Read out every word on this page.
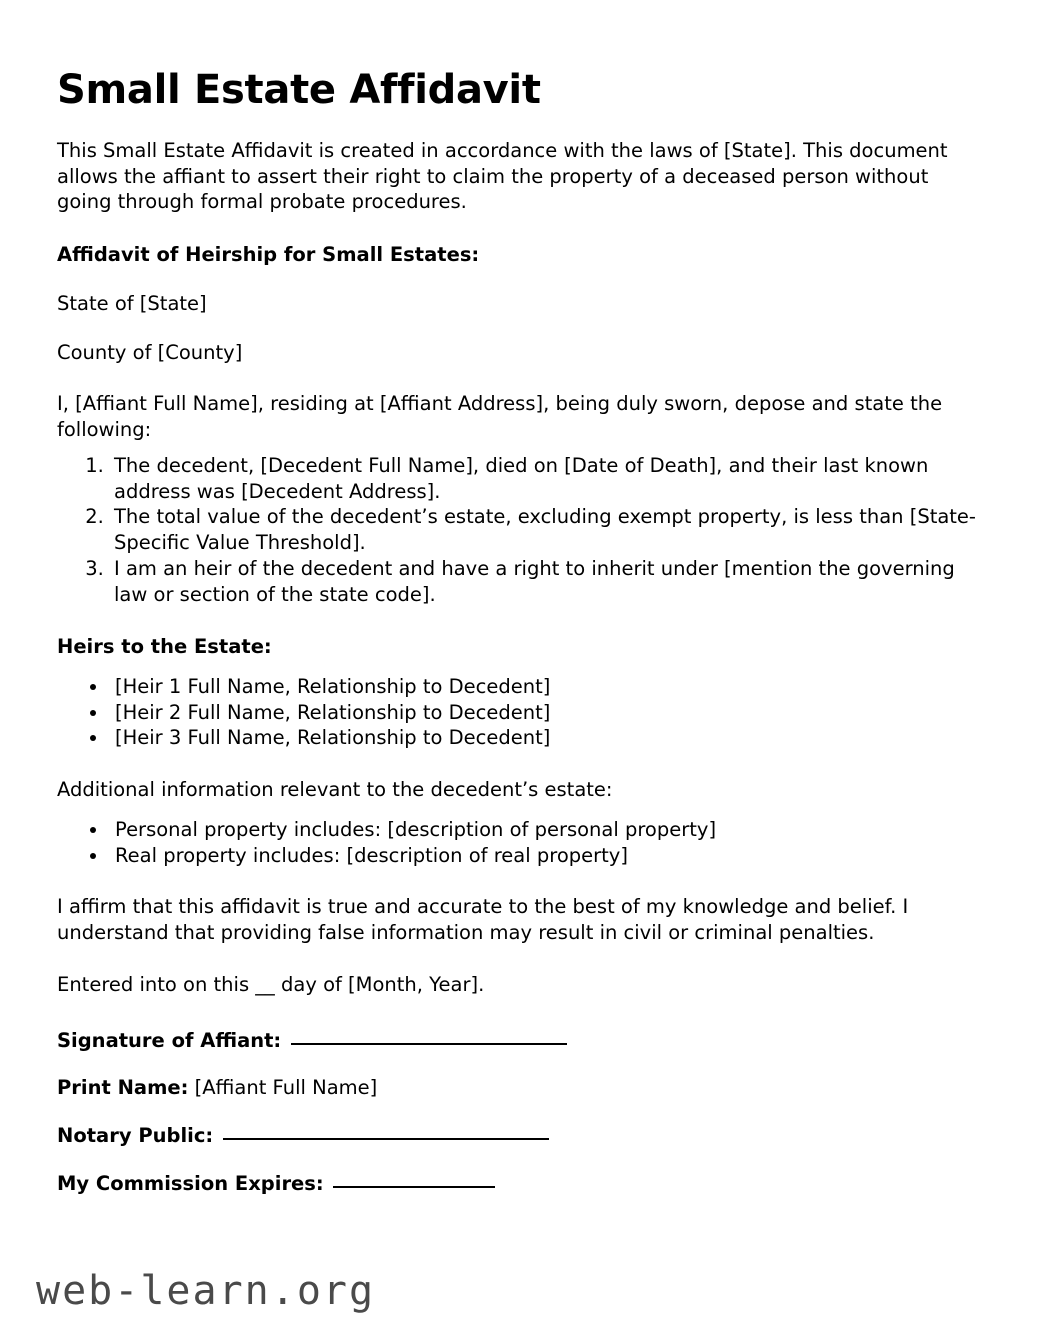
Small Estate Affidavit

This Small Estate Affidavit is created in accordance with the laws of [State]. This document allows the affiant to assert their right to claim the property of a deceased person without going through formal probate procedures.

Affidavit of Heirship for Small Estates:

State of [State]

County of [County]

I, [Affiant Full Name], residing at [Affiant Address], being duly sworn, depose and state the following:

1. The decedent, [Decedent Full Name], died on [Date of Death], and their last known address was [Decedent Address].
2. The total value of the decedent’s estate, excluding exempt property, is less than [State-Specific Value Threshold].
3. I am an heir of the decedent and have a right to inherit under [mention the governing law or section of the state code].
Heirs to the Estate:
• [Heir 1 Full Name, Relationship to Decedent]
• [Heir 2 Full Name, Relationship to Decedent]
• [Heir 3 Full Name, Relationship to Decedent]

Additional information relevant to the decedent’s estate:

• Personal property includes: [description of personal property]
• Real property includes: [description of real property]

I affirm that this affidavit is true and accurate to the best of my knowledge and belief. I understand that providing false information may result in civil or criminal penalties.

Entered into on this __ day of [Month, Year].

Signature of Affiant:
Print Name: [Affiant Full Name]
Notary Public:
My Commission Expires:
web-learn.org
